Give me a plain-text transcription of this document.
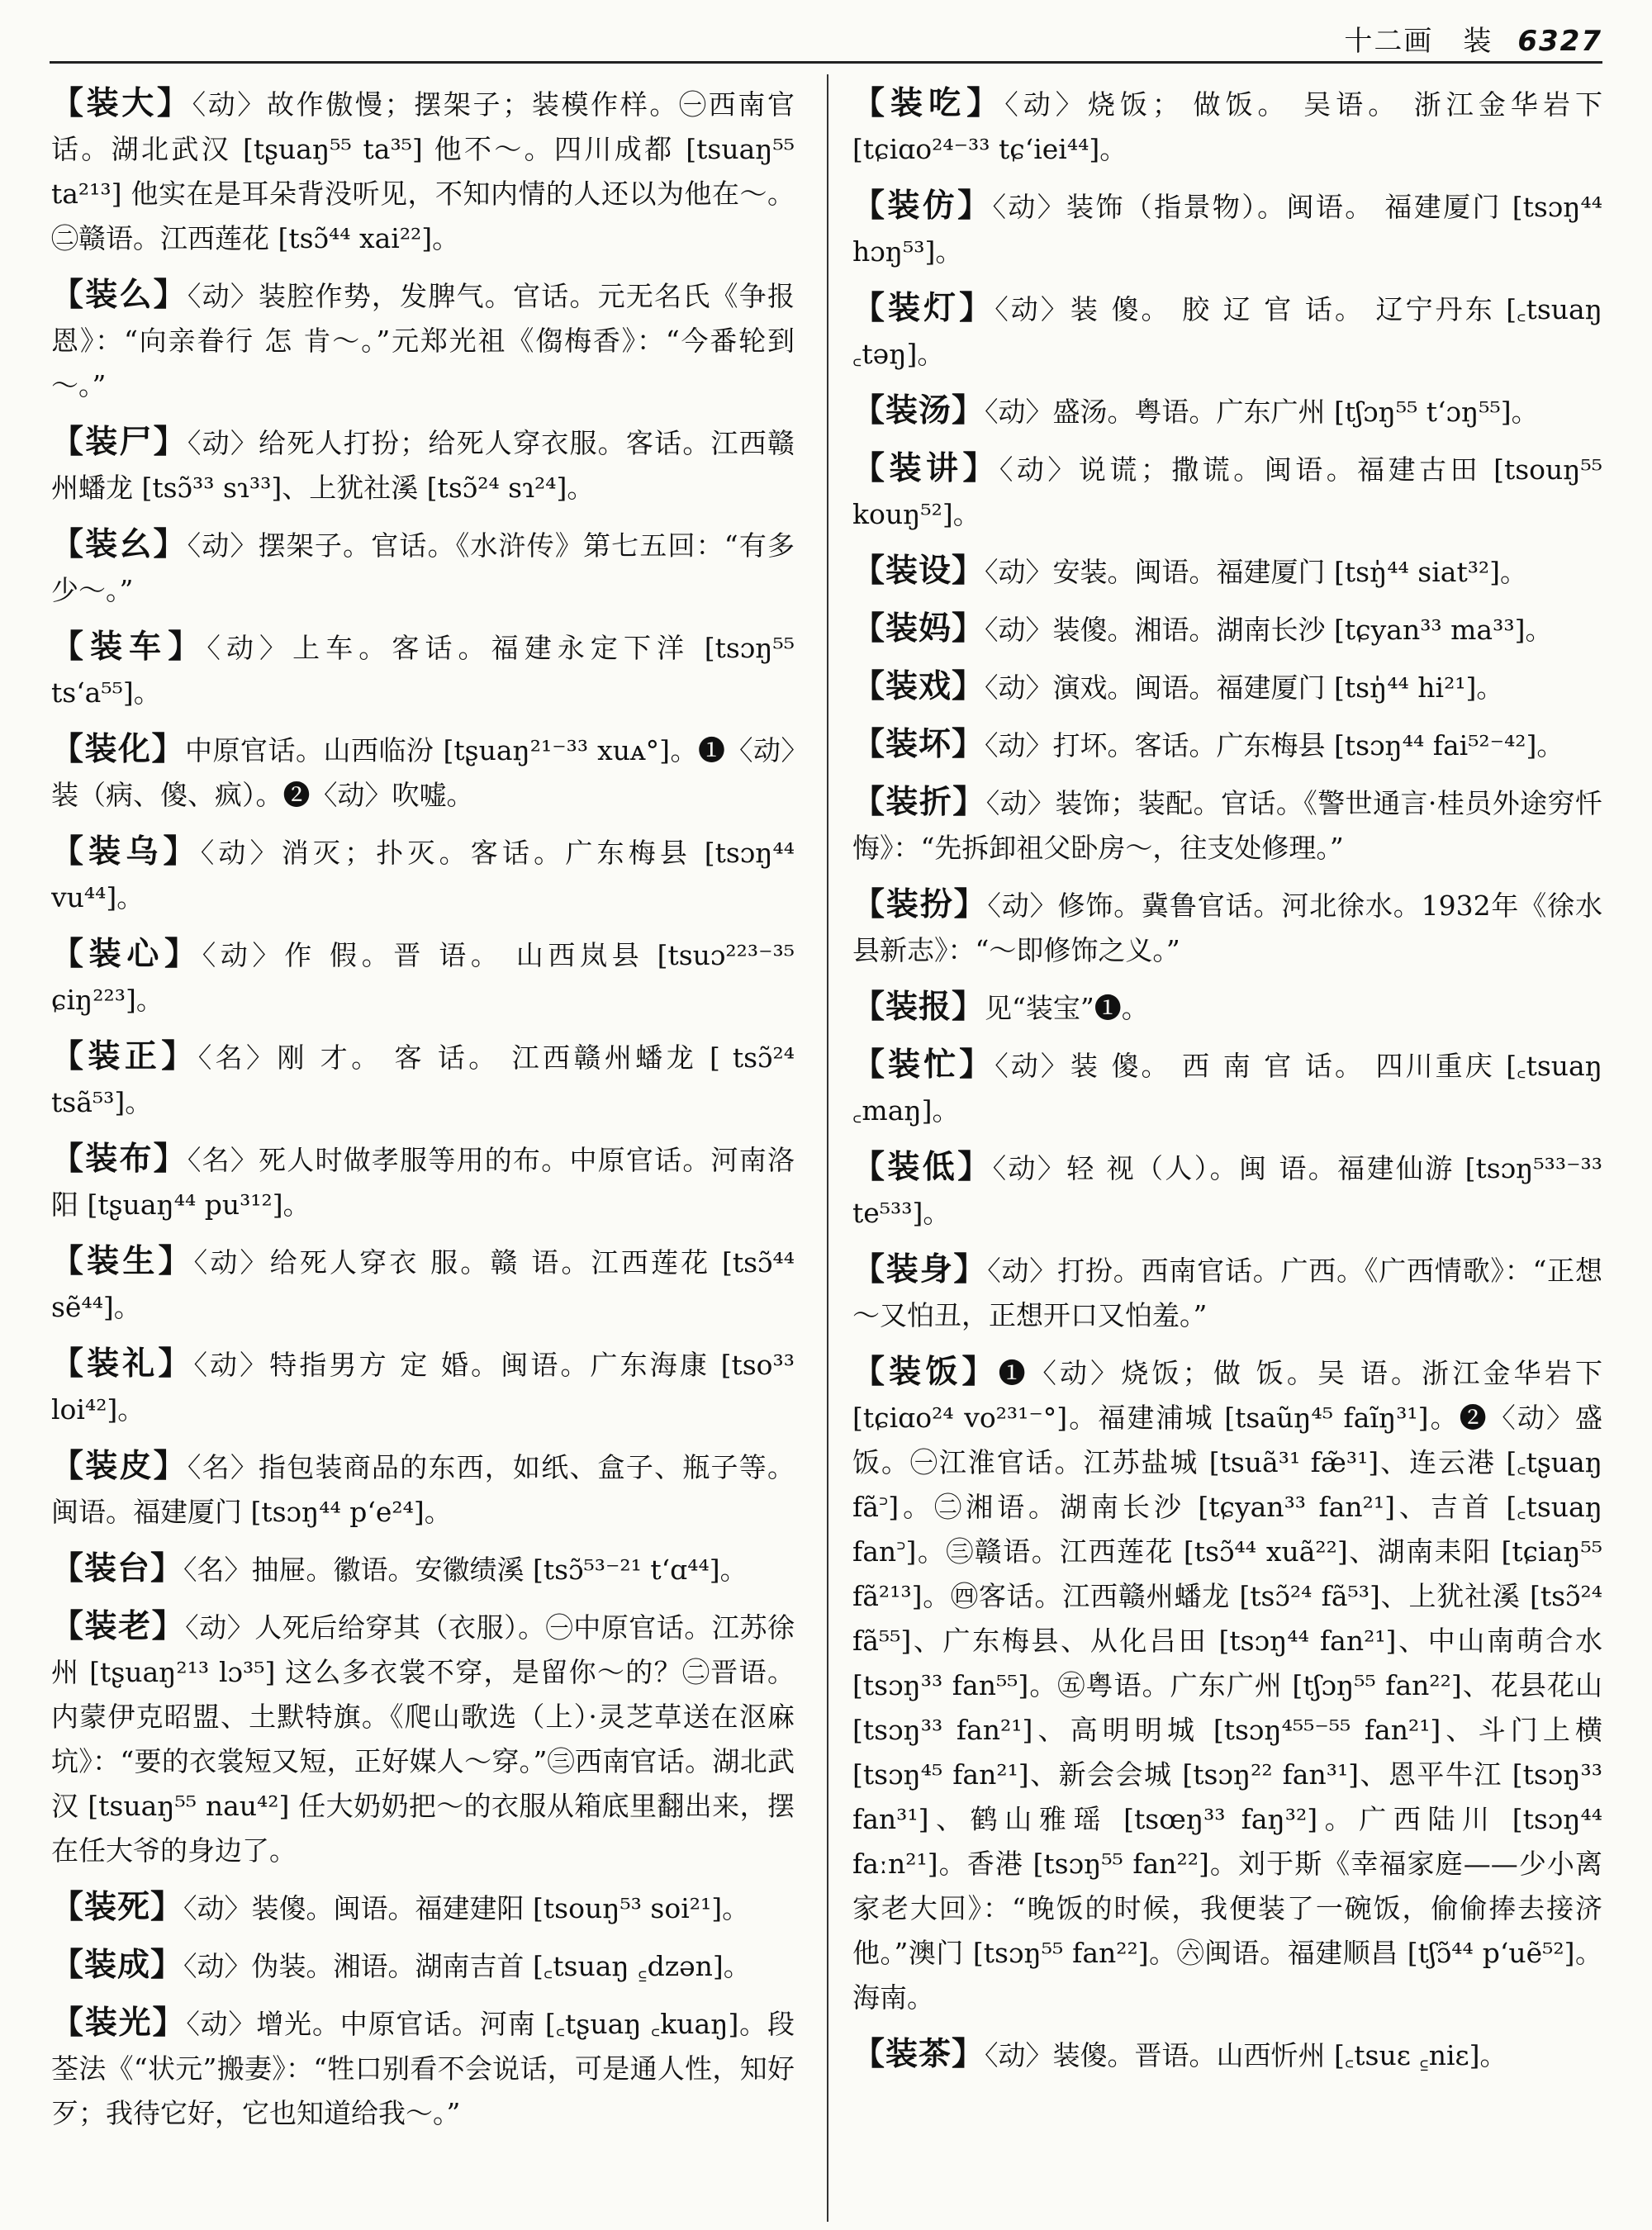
十二画　装 6327

【装大】〈动〉故作傲慢；摆架子；装模作样。㊀西南官话。湖北武汉 [tʂuaŋ⁵⁵ ta³⁵] 他不～。四川成都 [tsuaŋ⁵⁵ ta²¹³] 他实在是耳朵背没听见，不知内情的人还以为他在～。㊁赣语。江西莲花 [tsɔ̃⁴⁴ xai²²]。

【装么】〈动〉装腔作势，发脾气。官话。元无名氏《争报恩》：“向亲眷行 怎 肯～。”元郑光祖《㑳梅香》：“今番轮到～。”

【装尸】〈动〉给死人打扮；给死人穿衣服。客话。江西赣州蟠龙 [tsɔ̃³³ sɿ³³]、上犹社溪 [tsɔ̃²⁴ sɿ²⁴]。

【装幺】〈动〉摆架子。官话。《水浒传》第七五回：“有多少～。”

【装车】〈动〉上车。客话。福建永定下洋 [tsɔŋ⁵⁵ tsʻa⁵⁵]。

【装化】中原官话。山西临汾 [tʂuaŋ²¹⁻³³ xuᴀ°]。❶〈动〉装（病、傻、疯）。❷〈动〉吹嘘。

【装乌】〈动〉消灭；扑灭。客话。广东梅县 [tsɔŋ⁴⁴ vu⁴⁴]。

【装心】〈动〉作 假。晋 语。 山西岚县 [tsuɔ²²³⁻³⁵ ɕiŋ²²³]。

【装正】〈名〉刚 才。 客 话。 江西赣州蟠龙 [ tsɔ̃²⁴ tsã⁵³]。

【装布】〈名〉死人时做孝服等用的布。中原官话。河南洛阳 [tʂuaŋ⁴⁴ pu³¹²]。

【装生】〈动〉给死人穿衣 服。赣 语。江西莲花 [tsɔ̃⁴⁴ sẽ⁴⁴]。

【装礼】〈动〉特指男方 定 婚。闽语。广东海康 [tso³³ loi⁴²]。

【装皮】〈名〉指包装商品的东西，如纸、盒子、瓶子等。闽语。福建厦门 [tsɔŋ⁴⁴ pʻe²⁴]。

【装台】〈名〉抽屉。徽语。安徽绩溪 [tsɔ̃⁵³⁻²¹ tʻɑ⁴⁴]。

【装老】〈动〉人死后给穿其（衣服）。㊀中原官话。江苏徐州 [tʂuaŋ²¹³ lɔ³⁵] 这么多衣裳不穿，是留你～的？㊁晋语。内蒙伊克昭盟、土默特旗。《爬山歌选（上）·灵芝草送在沤麻坑》：“要的衣裳短又短，正好媒人～穿。”㊂西南官话。湖北武汉 [tsuaŋ⁵⁵ nau⁴²] 任大奶奶把～的衣服从箱底里翻出来，摆在任大爷的身边了。

【装死】〈动〉装傻。闽语。福建建阳 [tsouŋ⁵³ soi²¹]。

【装成】〈动〉伪装。湘语。湖南吉首 [꜀tsuaŋ ꜁dzən]。

【装光】〈动〉增光。中原官话。河南 [꜀tʂuaŋ ꜀kuaŋ]。段荃法《“状元”搬妻》：“牲口别看不会说话，可是通人性，知好歹；我待它好，它也知道给我～。”

【装吃】〈动〉烧饭； 做饭。 吴语。 浙江金华岩下 [tɕiɑo²⁴⁻³³ tɕʻiei⁴⁴]。

【装仿】〈动〉装饰（指景物）。闽语。 福建厦门 [tsɔŋ⁴⁴ hɔŋ⁵³]。

【装灯】〈动〉装 傻。 胶 辽 官 话。 辽宁丹东 [꜀tsuaŋ ꜀təŋ]。

【装汤】〈动〉盛汤。粤语。广东广州 [tʃɔŋ⁵⁵ tʻɔŋ⁵⁵]。

【装讲】〈动〉说谎；撒谎。闽语。福建古田 [tsouŋ⁵⁵ kouŋ⁵²]。

【装设】〈动〉安装。闽语。福建厦门 [tsŋ̍⁴⁴ siat³²]。

【装妈】〈动〉装傻。湘语。湖南长沙 [tɕyan³³ ma³³]。

【装戏】〈动〉演戏。闽语。福建厦门 [tsŋ̍⁴⁴ hi²¹]。

【装坏】〈动〉打坏。客话。广东梅县 [tsɔŋ⁴⁴ fai⁵²⁻⁴²]。

【装折】〈动〉装饰；装配。官话。《警世通言·桂员外途穷忏悔》：“先拆卸祖父卧房～，往支处修理。”

【装扮】〈动〉修饰。冀鲁官话。河北徐水。1932年《徐水县新志》：“～即修饰之义。”

【装报】见“装宝”❶。

【装忙】〈动〉装 傻。 西 南 官 话。 四川重庆 [꜀tsuaŋ ꜀maŋ]。

【装低】〈动〉轻 视（人）。闽 语。福建仙游 [tsɔŋ⁵³³⁻³³ te⁵³³]。

【装身】〈动〉打扮。西南官话。广西。《广西情歌》：“正想～又怕丑，正想开口又怕羞。”

【装饭】❶〈动〉烧饭；做 饭。吴 语。浙江金华岩下 [tɕiɑo²⁴ vo²³¹⁻°]。福建浦城 [tsaũŋ⁴⁵ faĩŋ³¹]。❷〈动〉盛饭。㊀江淮官话。江苏盐城 [tsuã³¹ fæ̃³¹]、连云港 [꜀tʂuaŋ fã꜄]。㊁湘语。湖南长沙 [tɕyan³³ fan²¹]、吉首 [꜀tsuaŋ fan꜄]。㊂赣语。江西莲花 [tsɔ̃⁴⁴ xuã²²]、湖南耒阳 [tɕiaŋ⁵⁵ fã²¹³]。㊃客话。江西赣州蟠龙 [tsɔ̃²⁴ fã⁵³]、上犹社溪 [tsɔ̃²⁴ fã⁵⁵]、广东梅县、从化吕田 [tsɔŋ⁴⁴ fan²¹]、中山南萌合水 [tsɔŋ³³ fan⁵⁵]。㊄粤语。广东广州 [tʃɔŋ⁵⁵ fan²²]、花县花山 [tsɔŋ³³ fan²¹]、高明明城 [tsɔŋ⁴⁵⁵⁻⁵⁵ fan²¹]、斗门上横 [tsɔŋ⁴⁵ fan²¹]、新会会城 [tsɔŋ²² fan³¹]、恩平牛江 [tsɔŋ³³ fan³¹]、鹤山雅瑶 [tsœŋ³³ faŋ³²]。广西陆川 [tsɔŋ⁴⁴ faːn²¹]。香港 [tsɔŋ⁵⁵ fan²²]。刘于斯《幸福家庭——少小离家老大回》：“晚饭的时候，我便装了一碗饭，偷偷捧去接济他。”澳门 [tsɔŋ⁵⁵ fan²²]。㊅闽语。福建顺昌 [tʃɔ̃⁴⁴ pʻuẽ⁵²]。海南。

【装茶】〈动〉装傻。晋语。山西忻州 [꜀tsuɛ ꜁niɛ]。
